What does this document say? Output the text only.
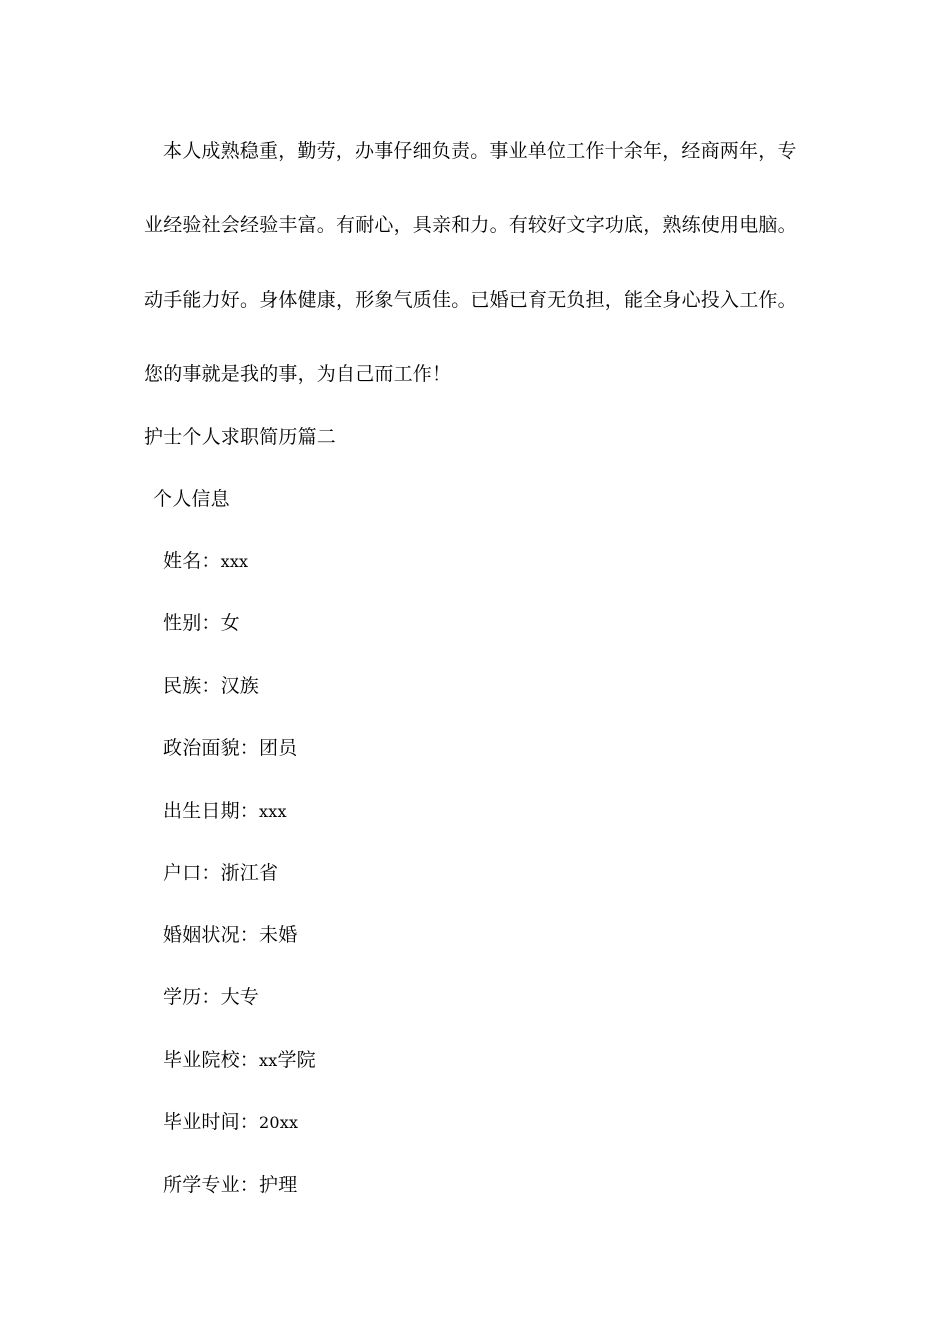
本人成熟稳重，勤劳，办事仔细负责。事业单位工作十余年，经商两年，专
业经验社会经验丰富。有耐心，具亲和力。有较好文字功底，熟练使用电脑。
动手能力好。身体健康，形象气质佳。已婚已育无负担，能全身心投入工作。
您的事就是我的事，为自己而工作！
护士个人求职简历篇二
个人信息
姓名：xxx
性别：女
民族：汉族
政治面貌：团员
出生日期：xxx
户口：浙江省
婚姻状况：未婚
学历：大专
毕业院校：xx学院
毕业时间：20xx
所学专业：护理
